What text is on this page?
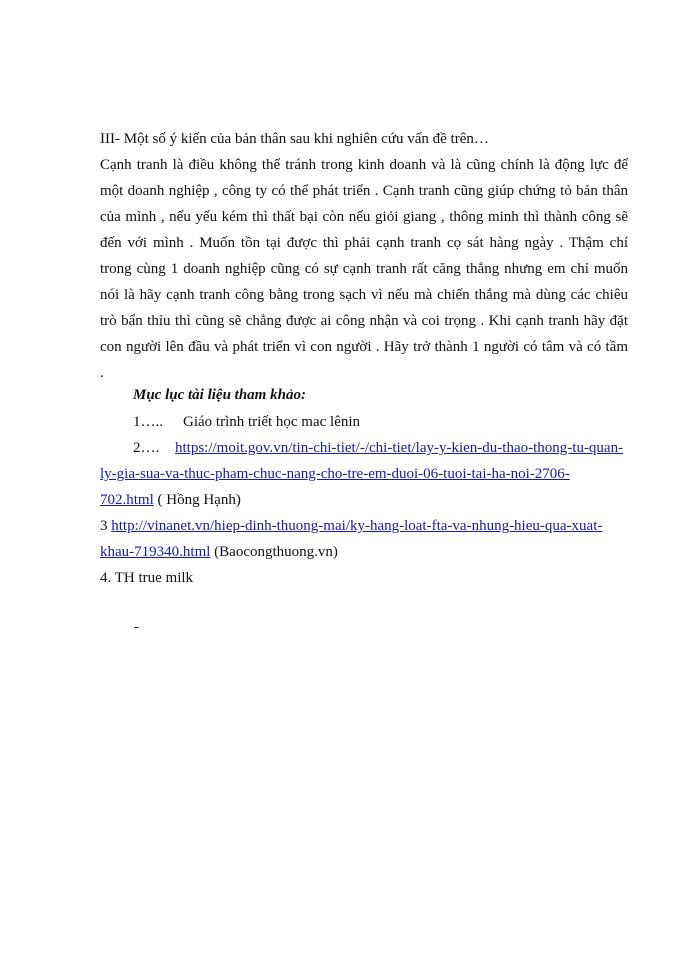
III- Một số ý kiến của bản thân sau khi nghiên cứu vấn đề trên…
Cạnh tranh là điều không thể tránh trong kinh doanh và là cũng chính là động lực để
một doanh nghiệp , công ty có thể phát triển . Cạnh tranh cũng giúp chứng tỏ bản thân
của mình , nếu yếu kém thì thất bại còn nếu giỏi giang , thông minh thì thành công sẽ
đến với mình . Muốn tồn tại được thì phải cạnh tranh cọ sát hàng ngày . Thậm chí
trong cùng 1 doanh nghiệp cũng có sự cạnh tranh rất căng thẳng nhưng em chỉ muốn
nói là hãy cạnh tranh công bằng trong sạch vì nếu mà chiến thắng mà dùng các chiêu
trò bẩn thỉu thì cũng sẽ chẳng được ai công nhận và coi trọng . Khi cạnh tranh hãy đặt
con người lên đầu và phát triển vì con người . Hãy trở thành 1 người có tâm và có tầm
.
Mục lục tài liệu tham khảo:
1….. Giáo trình triết học mac lênin
2…. https://moit.gov.vn/tin-chi-tiet/-/chi-tiet/lay-y-kien-du-thao-thong-tu-quan-
ly-gia-sua-va-thuc-pham-chuc-nang-cho-tre-em-duoi-06-tuoi-tai-ha-noi-2706-
702.html ( Hồng Hạnh)
3 http://vinanet.vn/hiep-dinh-thuong-mai/ky-hang-loat-fta-va-nhung-hieu-qua-xuat-
khau-719340.html (Baocongthuong.vn)
4. TH true milk
-
